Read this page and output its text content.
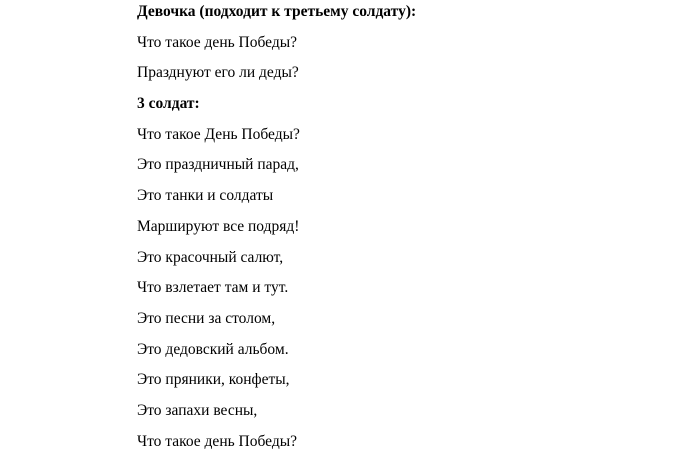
Девочка (подходит к третьему солдату):
Что такое день Победы?
Празднуют его ли деды?
3 солдат:
Что такое День Победы?
Это праздничный парад,
Это танки и солдаты
Маршируют все подряд!
Это красочный салют,
Что взлетает там и тут.
Это песни за столом,
Это дедовский альбом.
Это пряники, конфеты,
Это запахи весны,
Что такое день Победы?
